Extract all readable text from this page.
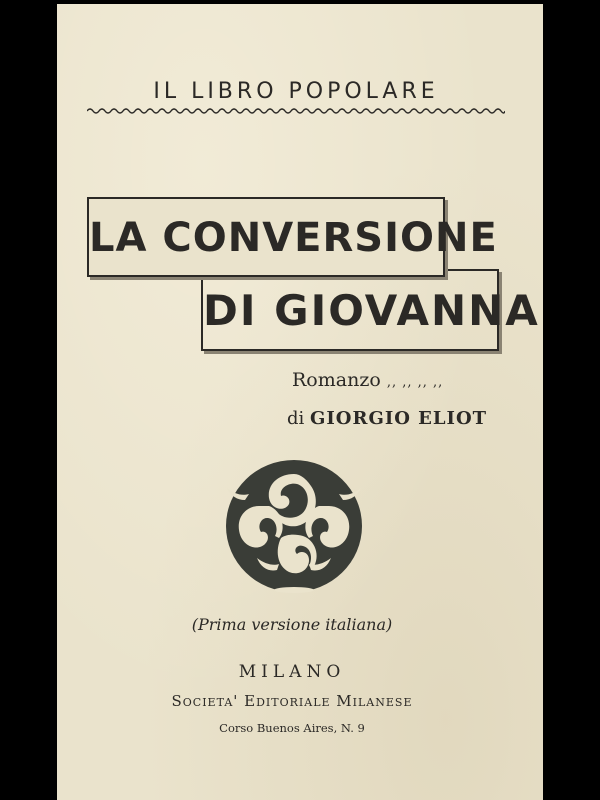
IL LIBRO POPOLARE
DI GIOVANNA
LA CONVERSIONE
Romanzo ,, ,, ,, ,,
di GIORGIO ELIOT
(Prima versione italiana)
MILANO
Societa' Editoriale Milanese
Corso Buenos Aires, N. 9
